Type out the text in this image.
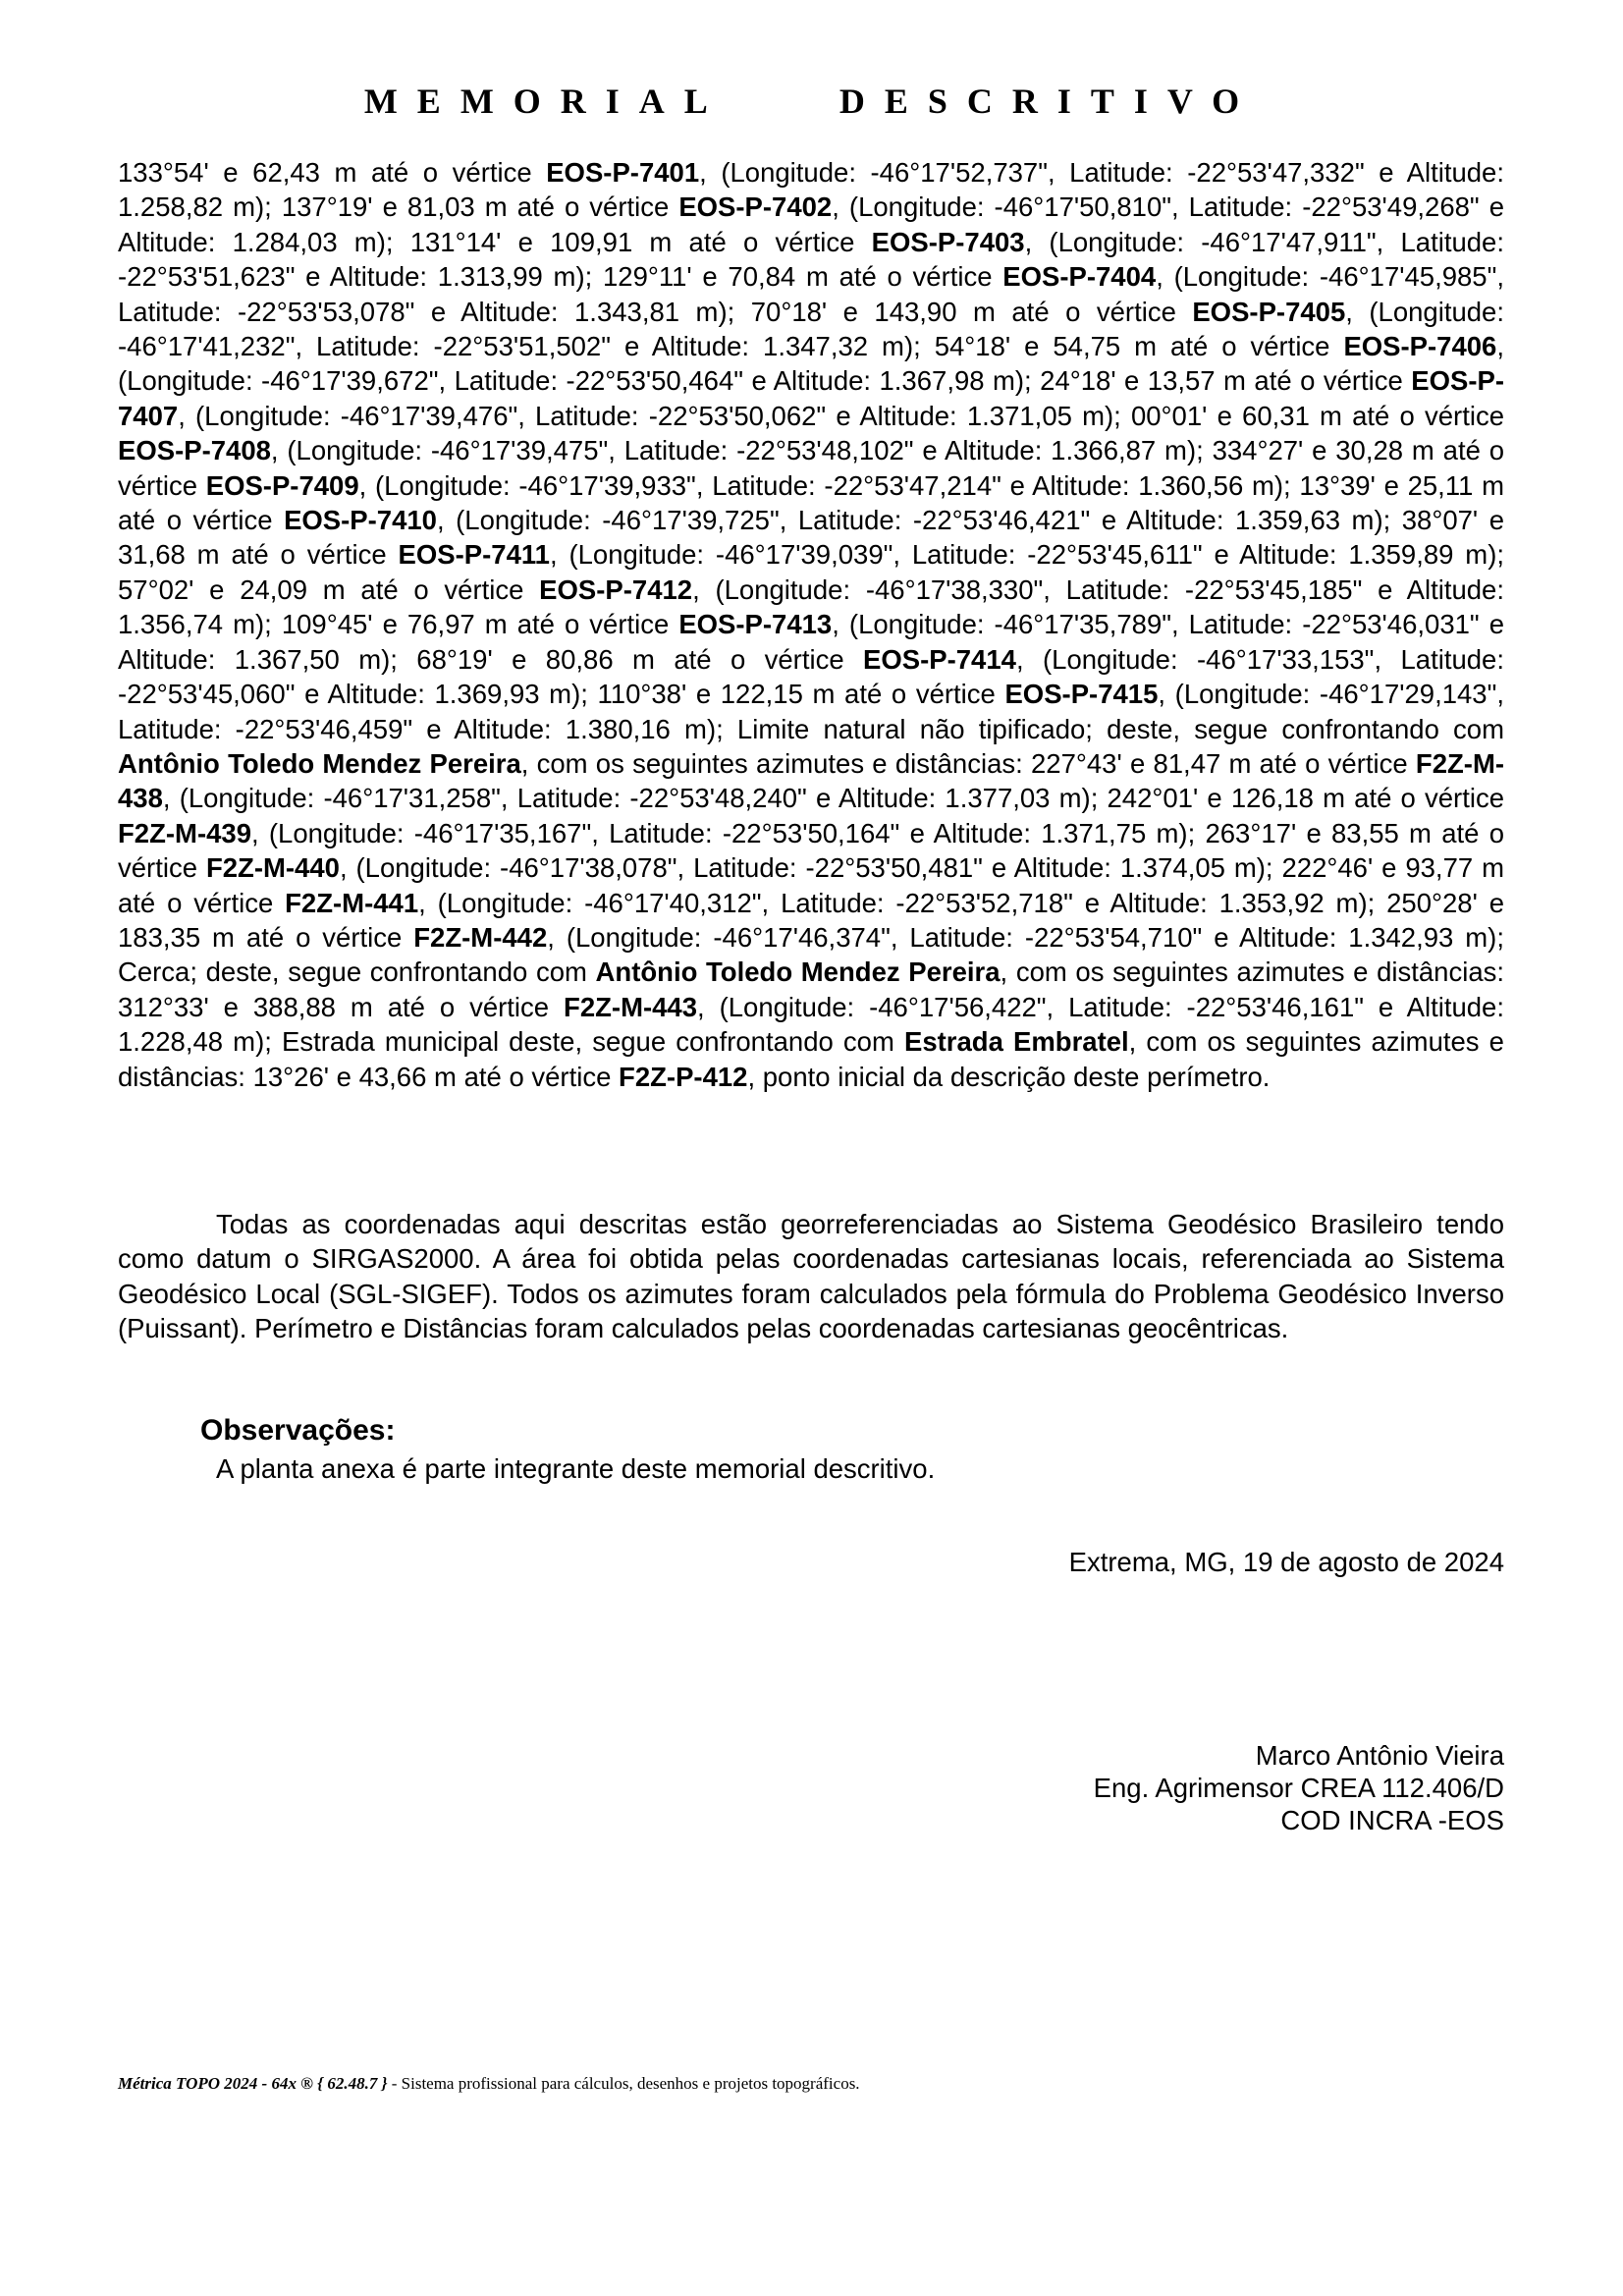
MEMORIAL    DESCRITIVO

133°54' e 62,43 m até o vértice EOS-P-7401, (Longitude: -46°17'52,737", Latitude: -22°53'47,332" e Altitude: 1.258,82 m); 137°19' e 81,03 m até o vértice EOS-P-7402, (Longitude: -46°17'50,810", Latitude: -22°53'49,268" e Altitude: 1.284,03 m); 131°14' e 109,91 m até o vértice EOS-P-7403, (Longitude: -46°17'47,911", Latitude: -22°53'51,623" e Altitude: 1.313,99 m); 129°11' e 70,84 m até o vértice EOS-P-7404, (Longitude: -46°17'45,985", Latitude: -22°53'53,078" e Altitude: 1.343,81 m); 70°18' e 143,90 m até o vértice EOS-P-7405, (Longitude: -46°17'41,232", Latitude: -22°53'51,502" e Altitude: 1.347,32 m); 54°18' e 54,75 m até o vértice EOS-P-7406, (Longitude: -46°17'39,672", Latitude: -22°53'50,464" e Altitude: 1.367,98 m); 24°18' e 13,57 m até o vértice EOS-P-7407, (Longitude: -46°17'39,476", Latitude: -22°53'50,062" e Altitude: 1.371,05 m); 00°01' e 60,31 m até o vértice EOS-P-7408, (Longitude: -46°17'39,475", Latitude: -22°53'48,102" e Altitude: 1.366,87 m); 334°27' e 30,28 m até o vértice EOS-P-7409, (Longitude: -46°17'39,933", Latitude: -22°53'47,214" e Altitude: 1.360,56 m); 13°39' e 25,11 m até o vértice EOS-P-7410, (Longitude: -46°17'39,725", Latitude: -22°53'46,421" e Altitude: 1.359,63 m); 38°07' e 31,68 m até o vértice EOS-P-7411, (Longitude: -46°17'39,039", Latitude: -22°53'45,611" e Altitude: 1.359,89 m); 57°02' e 24,09 m até o vértice EOS-P-7412, (Longitude: -46°17'38,330", Latitude: -22°53'45,185" e Altitude: 1.356,74 m); 109°45' e 76,97 m até o vértice EOS-P-7413, (Longitude: -46°17'35,789", Latitude: -22°53'46,031" e Altitude: 1.367,50 m); 68°19' e 80,86 m até o vértice EOS-P-7414, (Longitude: -46°17'33,153", Latitude: -22°53'45,060" e Altitude: 1.369,93 m); 110°38' e 122,15 m até o vértice EOS-P-7415, (Longitude: -46°17'29,143", Latitude: -22°53'46,459" e Altitude: 1.380,16 m); Limite natural não tipificado; deste, segue confrontando com Antônio Toledo Mendez Pereira, com os seguintes azimutes e distâncias: 227°43' e 81,47 m até o vértice F2Z-M-438, (Longitude: -46°17'31,258", Latitude: -22°53'48,240" e Altitude: 1.377,03 m); 242°01' e 126,18 m até o vértice F2Z-M-439, (Longitude: -46°17'35,167", Latitude: -22°53'50,164" e Altitude: 1.371,75 m); 263°17' e 83,55 m até o vértice F2Z-M-440, (Longitude: -46°17'38,078", Latitude: -22°53'50,481" e Altitude: 1.374,05 m); 222°46' e 93,77 m até o vértice F2Z-M-441, (Longitude: -46°17'40,312", Latitude: -22°53'52,718" e Altitude: 1.353,92 m); 250°28' e 183,35 m até o vértice F2Z-M-442, (Longitude: -46°17'46,374", Latitude: -22°53'54,710" e Altitude: 1.342,93 m); Cerca; deste, segue confrontando com Antônio Toledo Mendez Pereira, com os seguintes azimutes e distâncias: 312°33' e 388,88 m até o vértice F2Z-M-443, (Longitude: -46°17'56,422", Latitude: -22°53'46,161" e Altitude: 1.228,48 m); Estrada municipal deste, segue confrontando com Estrada Embratel, com os seguintes azimutes e distâncias: 13°26' e 43,66 m até o vértice F2Z-P-412, ponto inicial da descrição deste perímetro.

Todas as coordenadas aqui descritas estão georreferenciadas ao Sistema Geodésico Brasileiro tendo como datum o SIRGAS2000. A área foi obtida pelas coordenadas cartesianas locais, referenciada ao Sistema Geodésico Local (SGL-SIGEF). Todos os azimutes foram calculados pela fórmula do Problema Geodésico Inverso (Puissant). Perímetro e Distâncias foram calculados pelas coordenadas cartesianas geocêntricas.

Observações:

A planta anexa é parte integrante deste memorial descritivo.

Extrema, MG, 19 de agosto de 2024

Marco Antônio Vieira
Eng. Agrimensor CREA 112.406/D
COD INCRA -EOS

Métrica TOPO 2024 - 64x ® { 62.48.7 } - Sistema profissional para cálculos, desenhos e projetos topográficos.
